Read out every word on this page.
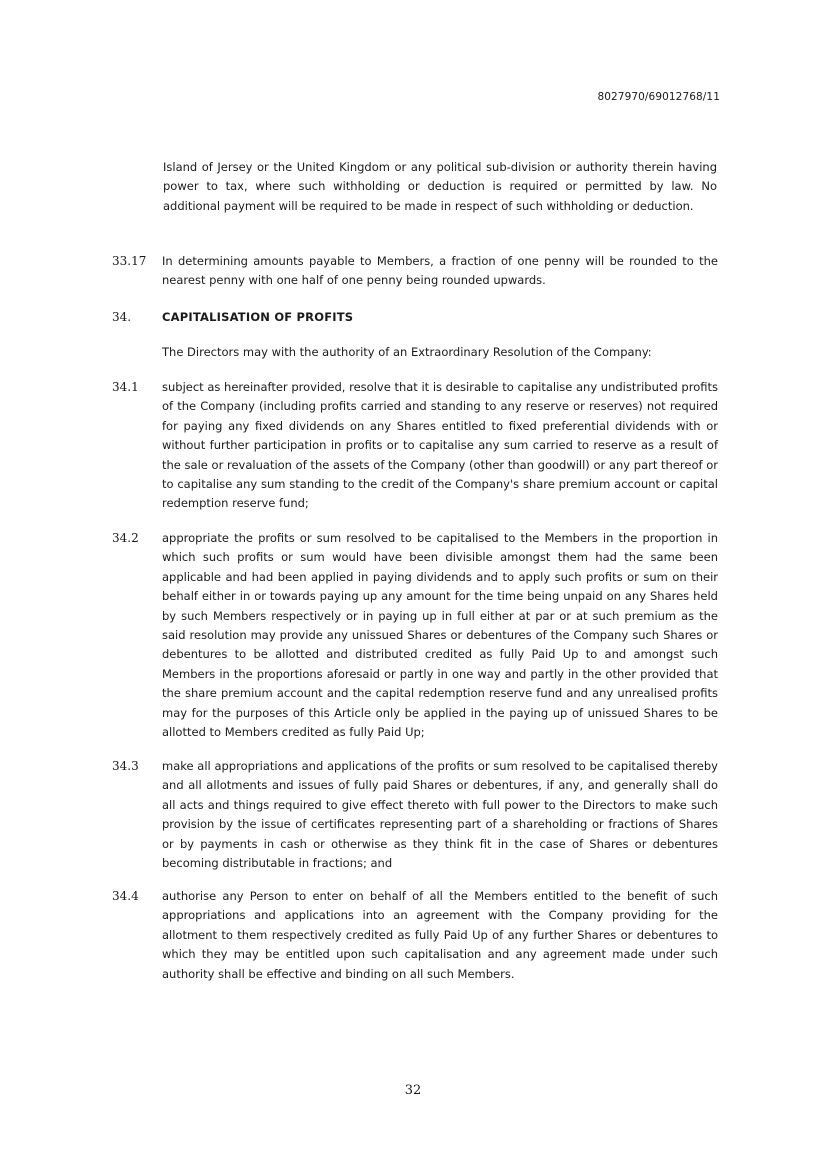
8027970/69012768/11

Island of Jersey or the United Kingdom or any political sub-division or authority therein having power to tax, where such withholding or deduction is required or permitted by law. No additional payment will be required to be made in respect of such withholding or deduction.

33.17 In determining amounts payable to Members, a fraction of one penny will be rounded to the nearest penny with one half of one penny being rounded upwards.

34.	CAPITALISATION OF PROFITS

The Directors may with the authority of an Extraordinary Resolution of the Company:

34.1 subject as hereinafter provided, resolve that it is desirable to capitalise any undistributed profits of the Company (including profits carried and standing to any reserve or reserves) not required for paying any fixed dividends on any Shares entitled to fixed preferential dividends with or without further participation in profits or to capitalise any sum carried to reserve as a result of the sale or revaluation of the assets of the Company (other than goodwill) or any part thereof or to capitalise any sum standing to the credit of the Company's share premium account or capital redemption reserve fund;

34.2 appropriate the profits or sum resolved to be capitalised to the Members in the proportion in which such profits or sum would have been divisible amongst them had the same been applicable and had been applied in paying dividends and to apply such profits or sum on their behalf either in or towards paying up any amount for the time being unpaid on any Shares held by such Members respectively or in paying up in full either at par or at such premium as the said resolution may provide any unissued Shares or debentures of the Company such Shares or debentures to be allotted and distributed credited as fully Paid Up to and amongst such Members in the proportions aforesaid or partly in one way and partly in the other provided that the share premium account and the capital redemption reserve fund and any unrealised profits may for the purposes of this Article only be applied in the paying up of unissued Shares to be allotted to Members credited as fully Paid Up;

34.3 make all appropriations and applications of the profits or sum resolved to be capitalised thereby and all allotments and issues of fully paid Shares or debentures, if any, and generally shall do all acts and things required to give effect thereto with full power to the Directors to make such provision by the issue of certificates representing part of a shareholding or fractions of Shares or by payments in cash or otherwise as they think fit in the case of Shares or debentures becoming distributable in fractions; and

34.4 authorise any Person to enter on behalf of all the Members entitled to the benefit of such appropriations and applications into an agreement with the Company providing for the allotment to them respectively credited as fully Paid Up of any further Shares or debentures to which they may be entitled upon such capitalisation and any agreement made under such authority shall be effective and binding on all such Members.

32
